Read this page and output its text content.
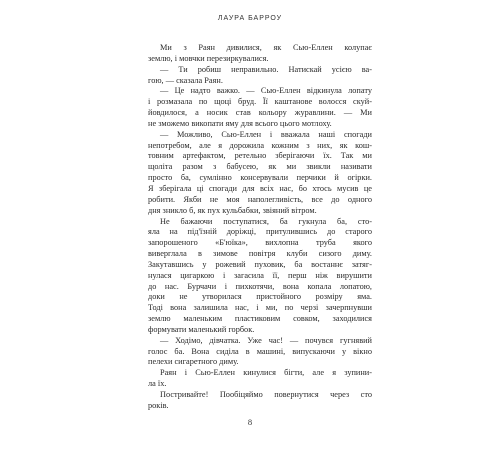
ЛАУРА БАРРОУ
Ми з Раян дивилися, як Сью-Еллен колупає
землю, і мовчки перезиркувалися.
— Ти робиш неправильно. Натискай усією ва-
гою, — сказала Раян.
— Це надто важко. — Сью-Еллен відкинула лопату
і розмазала по щоці бруд. Її каштанове волосся скуй-
йовдилося, а носик став кольору журавлини. — Ми
не зможемо викопати яму для всього цього мотлоху.
— Можливо, Сью-Еллен і вважала наші спогади
непотребом, але я дорожила кожним з них, як кош-
товним артефактом, ретельно зберігаючи їх. Так ми
щоліта разом з бабусею, як ми звикли називати
просто ба, сумлінно консервували перчики й огірки.
Я зберігала ці спогади для всіх нас, бо хтось мусив це
робити. Якби не моя наполегливість, все до одного
дня зникло б, як пух кульбабки, звіяний вітром.
Не бажаючи поступатися, ба гукнула ба, сто-
яла на під'їзній доріжці, притулившись до старого
запорошеного «Б'юїка», вихлопна труба якого
виверглала в зимове повітря клуби сизого диму.
Закутавшись у рожевий пуховик, ба востаннє затяг-
нулася цигаркою і загасила її, перш ніж вирушити
до нас. Бурчачи і пихкотячи, вона копала лопатою,
доки не утворилася пристойного розміру яма.
Тоді вона залишила нас, і ми, по черзі зачерпнувши
землю маленьким пластиковим совком, заходилися
формувати маленький горбок.
— Ходімо, дівчатка. Уже час! — почувся гугнявий
голос ба. Вона сиділа в машині, випускаючи у вікно
пелехи сигаретного диму.
Раян і Сью-Еллен кинулися бігти, але я зупини-
ла їх.
Постривайте! Пообіцяймо повернутися через сто
років.
8
